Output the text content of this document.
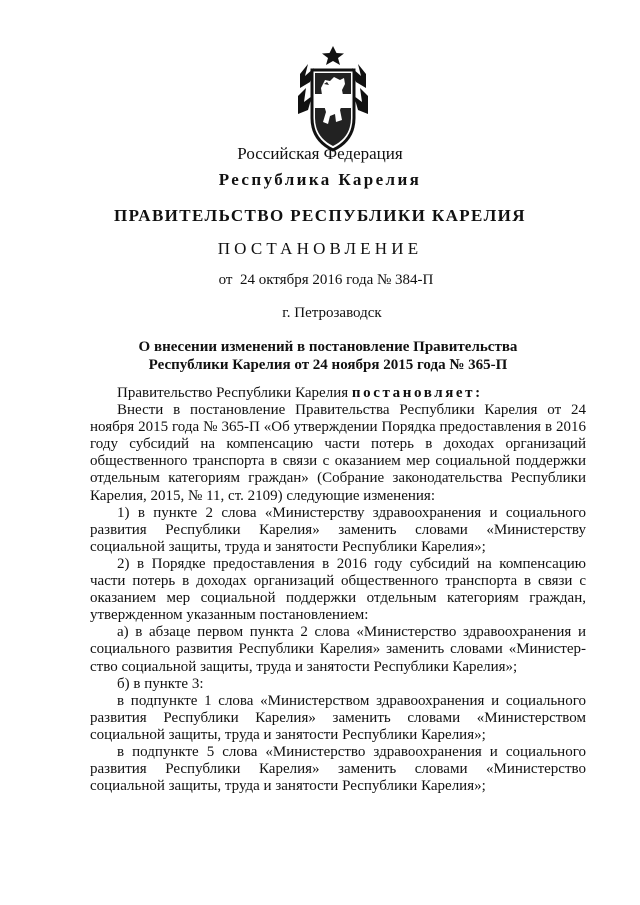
Российская Федерация

Республика Карелия

ПРАВИТЕЛЬСТВО РЕСПУБЛИКИ КАРЕЛИЯ

ПОСТАНОВЛЕНИЕ

от  24 октября 2016 года № 384-П

г. Петрозаводск

О внесении изменений в постановление Правительства
Республики Карелия от 24 ноября 2015 года № 365-П

Правительство Республики Карелия постановляет:

Внести в постановление Правительства Республики Карелия от 24 ноября 2015 года № 365-П «Об утверждении Порядка предоставления в 2016 году субсидий на компенсацию части потерь в доходах организаций общественного транспорта в связи с оказанием мер социальной поддержки отдельным категориям граждан» (Собрание законодательства Республики Карелия, 2015, № 11, ст. 2109) следующие изменения:

1) в пункте 2 слова «Министерству здравоохранения и социального развития Республики Карелия» заменить словами «Министерству социальной защиты, труда и занятости Республики Карелия»;

2) в Порядке предоставления в 2016 году субсидий на компенсацию части потерь в доходах организаций общественного транспорта в связи с оказанием мер социальной поддержки отдельным категориям граждан, утвержденном указанным постановлением:

а) в абзаце первом пункта 2 слова «Министерство здравоохранения и социального развития Республики Карелия» заменить словами «Министерство социальной защиты, труда и занятости Республики Карелия»;

б) в пункте 3:

в подпункте 1 слова «Министерством здравоохранения и социального развития Республики Карелия» заменить словами «Министерством социальной защиты, труда и занятости Республики Карелия»;

в подпункте 5 слова «Министерство здравоохранения и социального развития Республики Карелия» заменить словами «Министерство социальной защиты, труда и занятости Республики Карелия»;
